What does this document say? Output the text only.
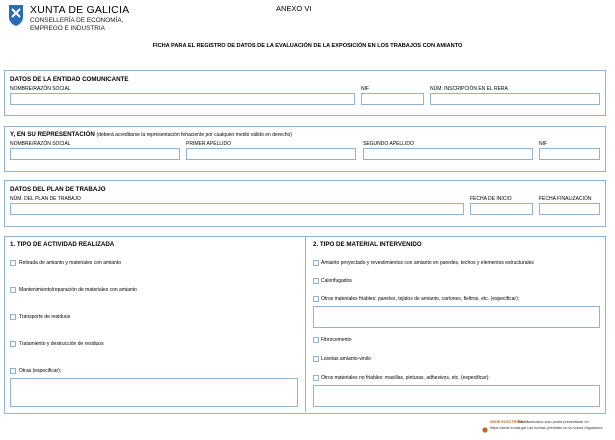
XUNTA DE GALICIA
CONSELLERÍA DE ECONOMÍA,
EMPREGO E INDUSTRIA
ANEXO VI
FICHA PARA EL REGISTRO DE DATOS DE LA EVALUACIÓN DE LA EXPOSICIÓN EN LOS TRABAJOS CON AMIANTO
DATOS DE LA ENTIDAD COMUNICANTE
NOMBRE/RAZÓN SOCIAL	NIF	NÚM. INSCRIPCIÓN EN EL RERA
Y, EN SU REPRESENTACIÓN (deberá acreditarse la representación fehaciente por cualquier medio válido en derecho)
NOMBRE/RAZÓN SOCIAL	PRIMER APELLIDO	SEGUNDO APELLIDO	NIF
DATOS DEL PLAN DE TRABAJO
NÚM. DEL PLAN DE TRABAJO	FECHA DE INICIO	FECHA FINALIZACIÓN
1. TIPO DE ACTIVIDAD REALIZADA
Retirada de amianto y materiales con amianto
Mantenimiento/reparación de materiales con amianto
Transporte de residuos
Tratamiento y destrucción de residuos
Otras (especificar):
2. TIPO DE MATERIAL INTERVENIDO
Amianto proyectado y revestimientos con amianto en paredes, techos y elementos estructurales
Calorifugados
Otros materiales friables: paneles, tejidos de amianto, cartones, fieltros, etc. (especificar):
Fibrocemento
Losetas amianto-vinilo
Otros materiales no friables: masillas, pinturas, adhesivos, etc. (especificar):
SEDE ELECTRÓNICA
Este formulario sólo podrá presentarse en
https://sede.xunta.gal Las formas previstas en la norma reguladora
